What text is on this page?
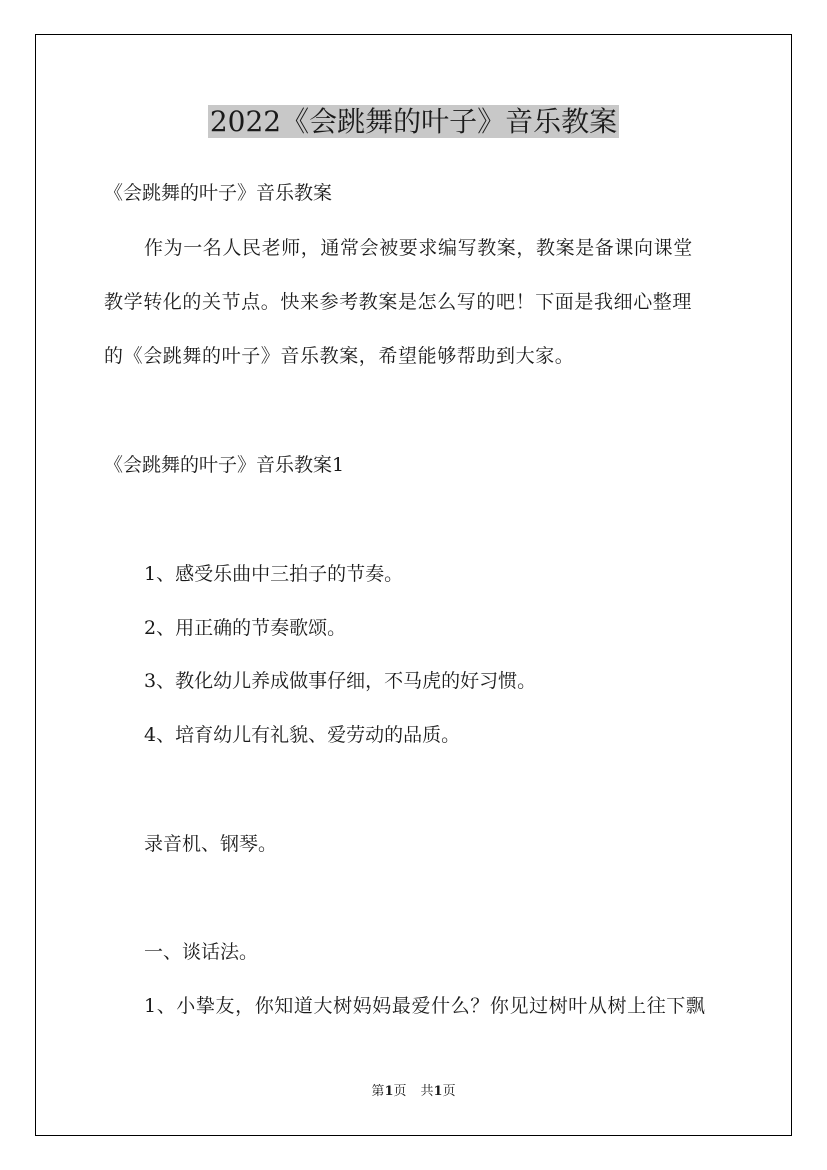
2022《会跳舞的叶子》音乐教案

《会跳舞的叶子》音乐教案

作为一名人民老师，通常会被要求编写教案，教案是备课向课堂

教学转化的关节点。快来参考教案是怎么写的吧！下面是我细心整理

的《会跳舞的叶子》音乐教案，希望能够帮助到大家。

《会跳舞的叶子》音乐教案1

1、感受乐曲中三拍子的节奏。

2、用正确的节奏歌颂。

3、教化幼儿养成做事仔细，不马虎的好习惯。

4、培育幼儿有礼貌、爱劳动的品质。

录音机、钢琴。

一、谈话法。

1、小挚友，你知道大树妈妈最爱什么？你见过树叶从树上往下飘

第1页 共1页
